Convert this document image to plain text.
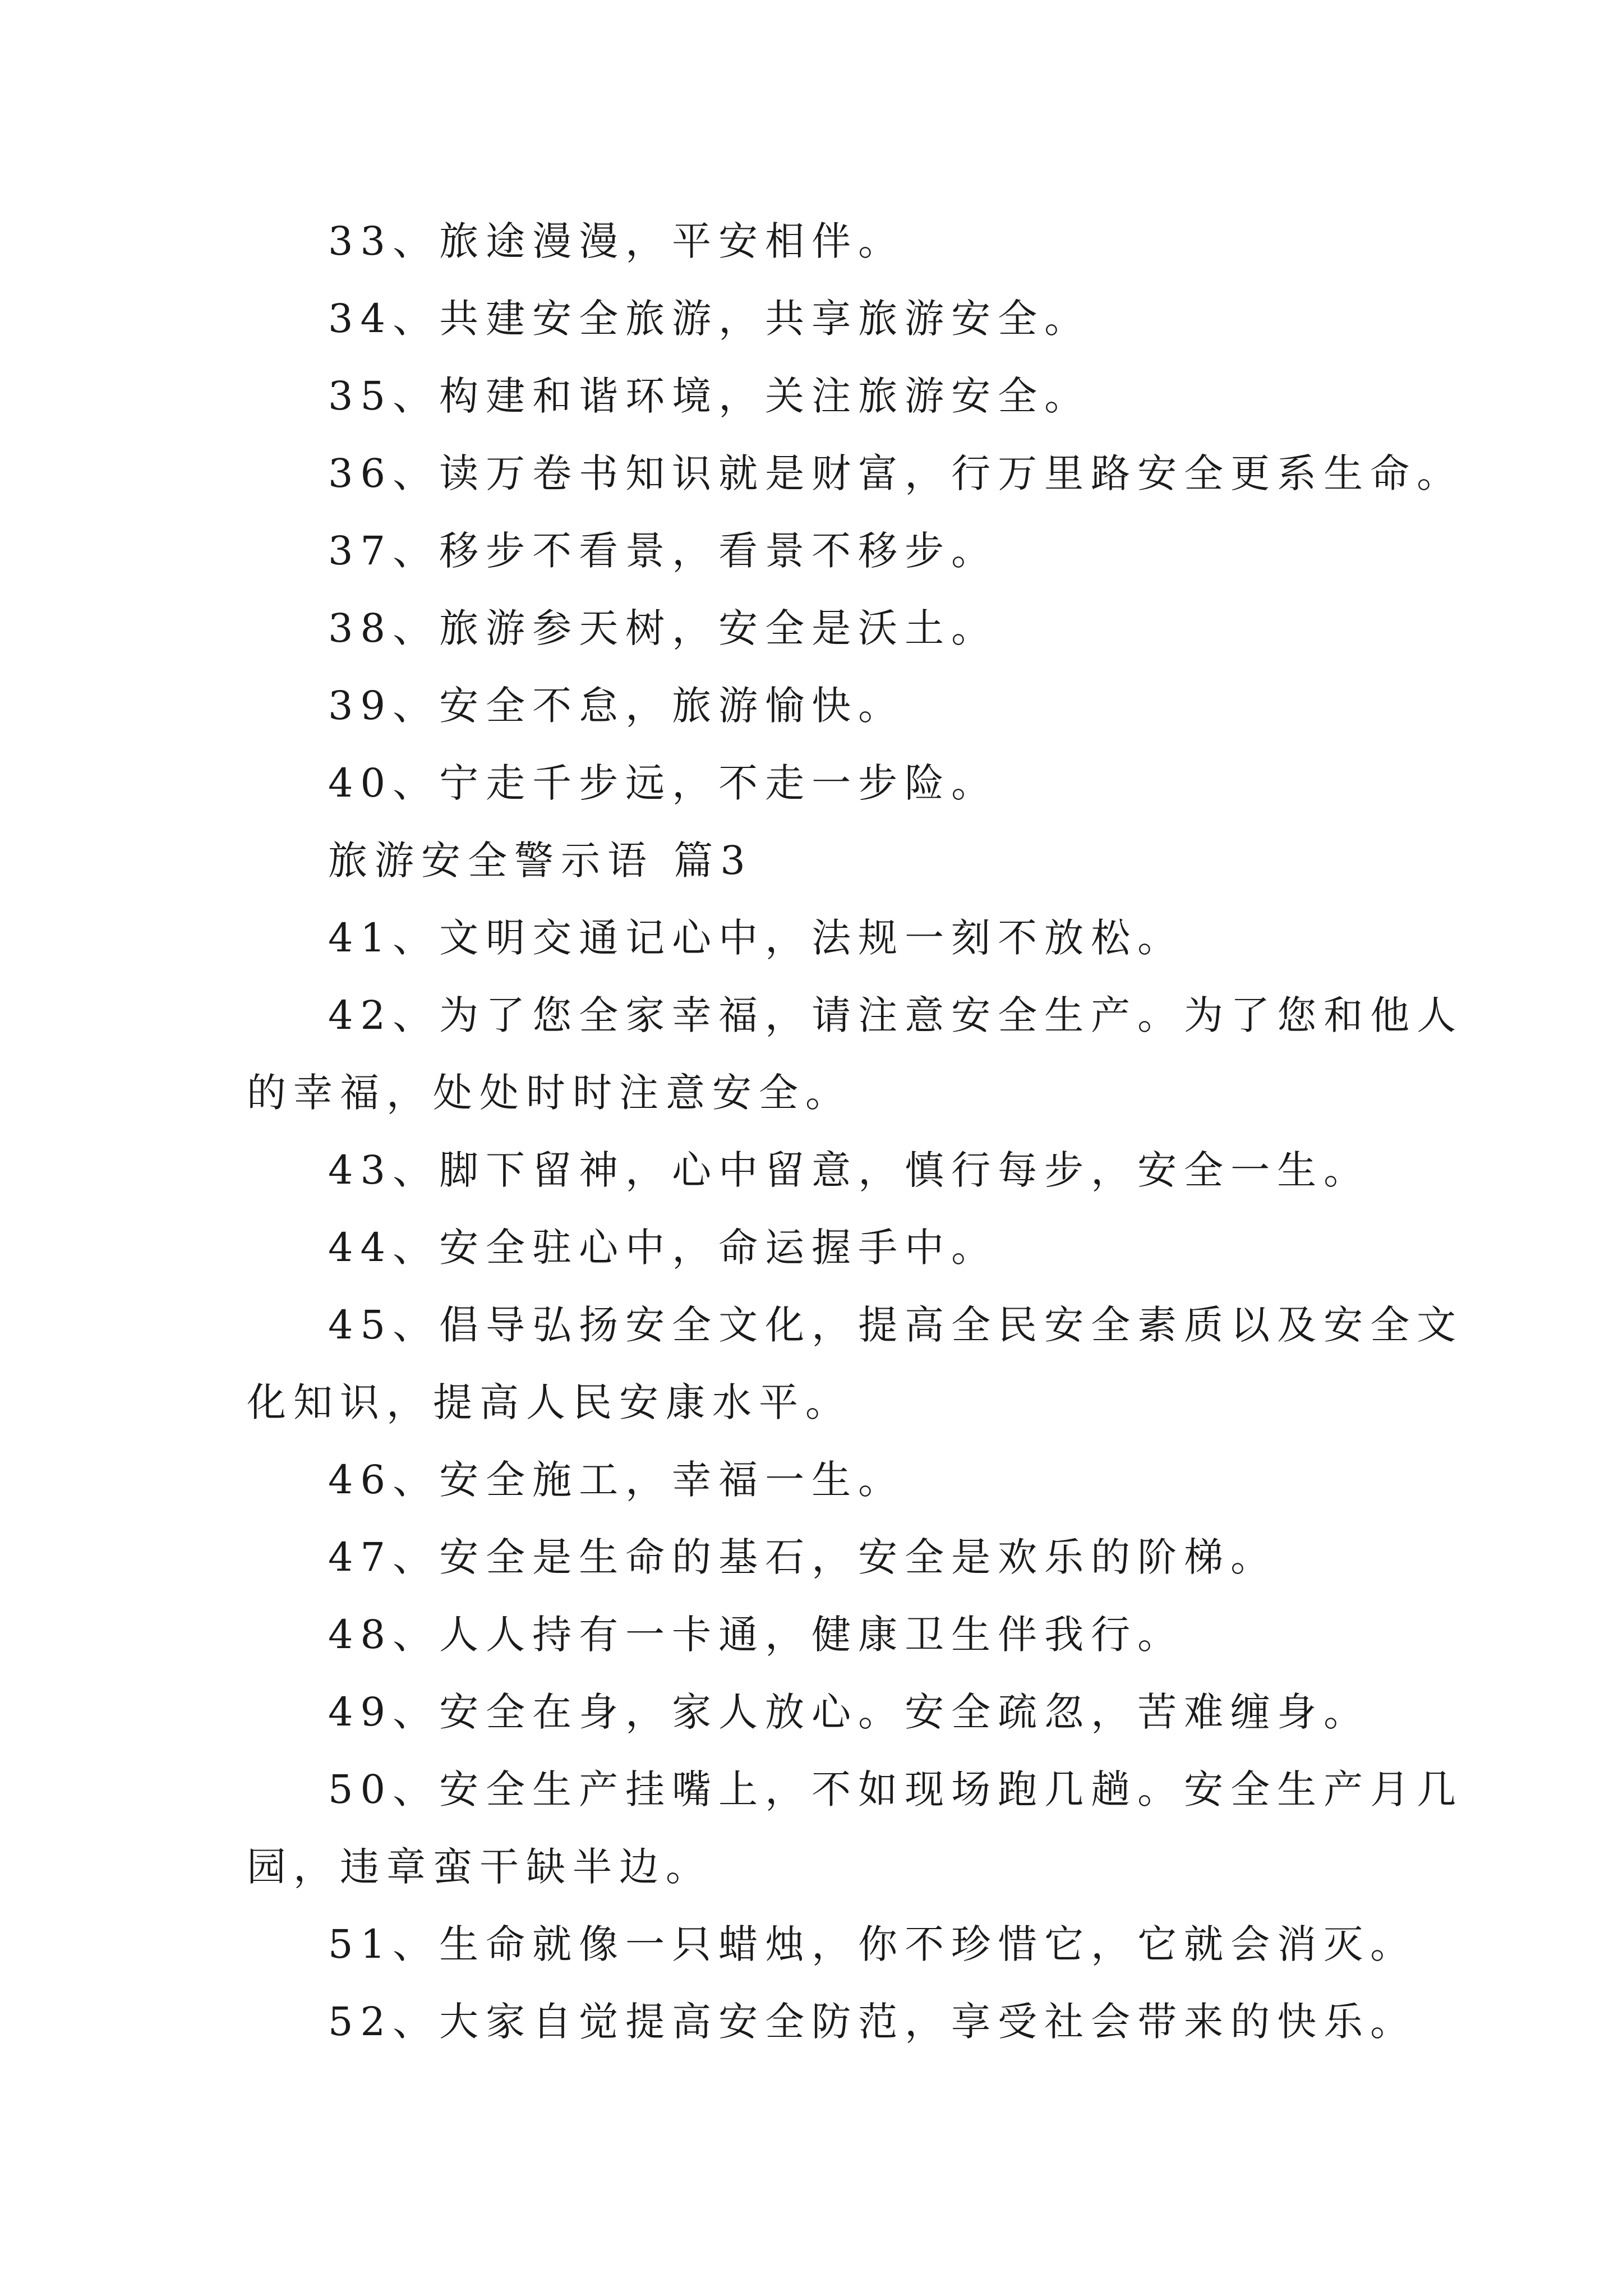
33、旅途漫漫，平安相伴。
34、共建安全旅游，共享旅游安全。
35、构建和谐环境，关注旅游安全。
36、读万卷书知识就是财富，行万里路安全更系生命。
37、移步不看景，看景不移步。
38、旅游参天树，安全是沃土。
39、安全不怠，旅游愉快。
40、宁走千步远，不走一步险。
旅游安全警示语 篇3
41、文明交通记心中，法规一刻不放松。
42、为了您全家幸福，请注意安全生产。为了您和他人
的幸福，处处时时注意安全。
43、脚下留神，心中留意，慎行每步，安全一生。
44、安全驻心中，命运握手中。
45、倡导弘扬安全文化，提高全民安全素质以及安全文
化知识，提高人民安康水平。
46、安全施工，幸福一生。
47、安全是生命的基石，安全是欢乐的阶梯。
48、人人持有一卡通，健康卫生伴我行。
49、安全在身，家人放心。安全疏忽，苦难缠身。
50、安全生产挂嘴上，不如现场跑几趟。安全生产月几
园，违章蛮干缺半边。
51、生命就像一只蜡烛，你不珍惜它，它就会消灭。
52、大家自觉提高安全防范，享受社会带来的快乐。
